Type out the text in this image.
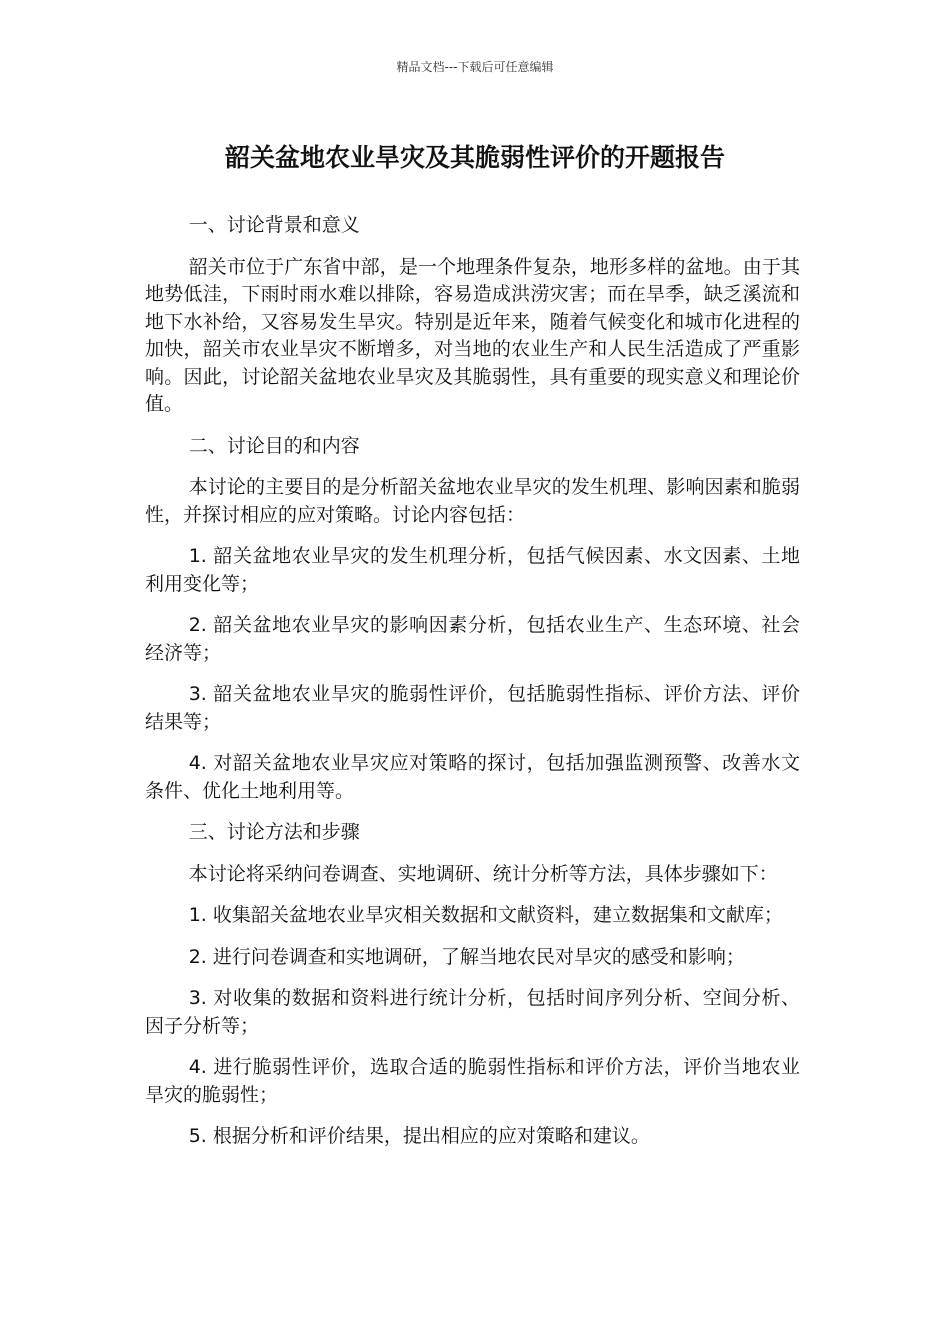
精品文档---下载后可任意编辑
韶关盆地农业旱灾及其脆弱性评价的开题报告

一、讨论背景和意义

韶关市位于广东省中部，是一个地理条件复杂，地形多样的盆地。由于其地势低洼，下雨时雨水难以排除，容易造成洪涝灾害；而在旱季，缺乏溪流和地下水补给，又容易发生旱灾。特别是近年来，随着气候变化和城市化进程的加快，韶关市农业旱灾不断增多，对当地的农业生产和人民生活造成了严重影响。因此，讨论韶关盆地农业旱灾及其脆弱性，具有重要的现实意义和理论价值。

二、讨论目的和内容

本讨论的主要目的是分析韶关盆地农业旱灾的发生机理、影响因素和脆弱性，并探讨相应的应对策略。讨论内容包括：

1. 韶关盆地农业旱灾的发生机理分析，包括气候因素、水文因素、土地利用变化等；

2. 韶关盆地农业旱灾的影响因素分析，包括农业生产、生态环境、社会经济等；

3. 韶关盆地农业旱灾的脆弱性评价，包括脆弱性指标、评价方法、评价结果等；

4. 对韶关盆地农业旱灾应对策略的探讨，包括加强监测预警、改善水文条件、优化土地利用等。

三、讨论方法和步骤

本讨论将采纳问卷调查、实地调研、统计分析等方法，具体步骤如下：

1. 收集韶关盆地农业旱灾相关数据和文献资料，建立数据集和文献库；

2. 进行问卷调查和实地调研，了解当地农民对旱灾的感受和影响；

3. 对收集的数据和资料进行统计分析，包括时间序列分析、空间分析、因子分析等；

4. 进行脆弱性评价，选取合适的脆弱性指标和评价方法，评价当地农业旱灾的脆弱性；

5. 根据分析和评价结果，提出相应的应对策略和建议。
